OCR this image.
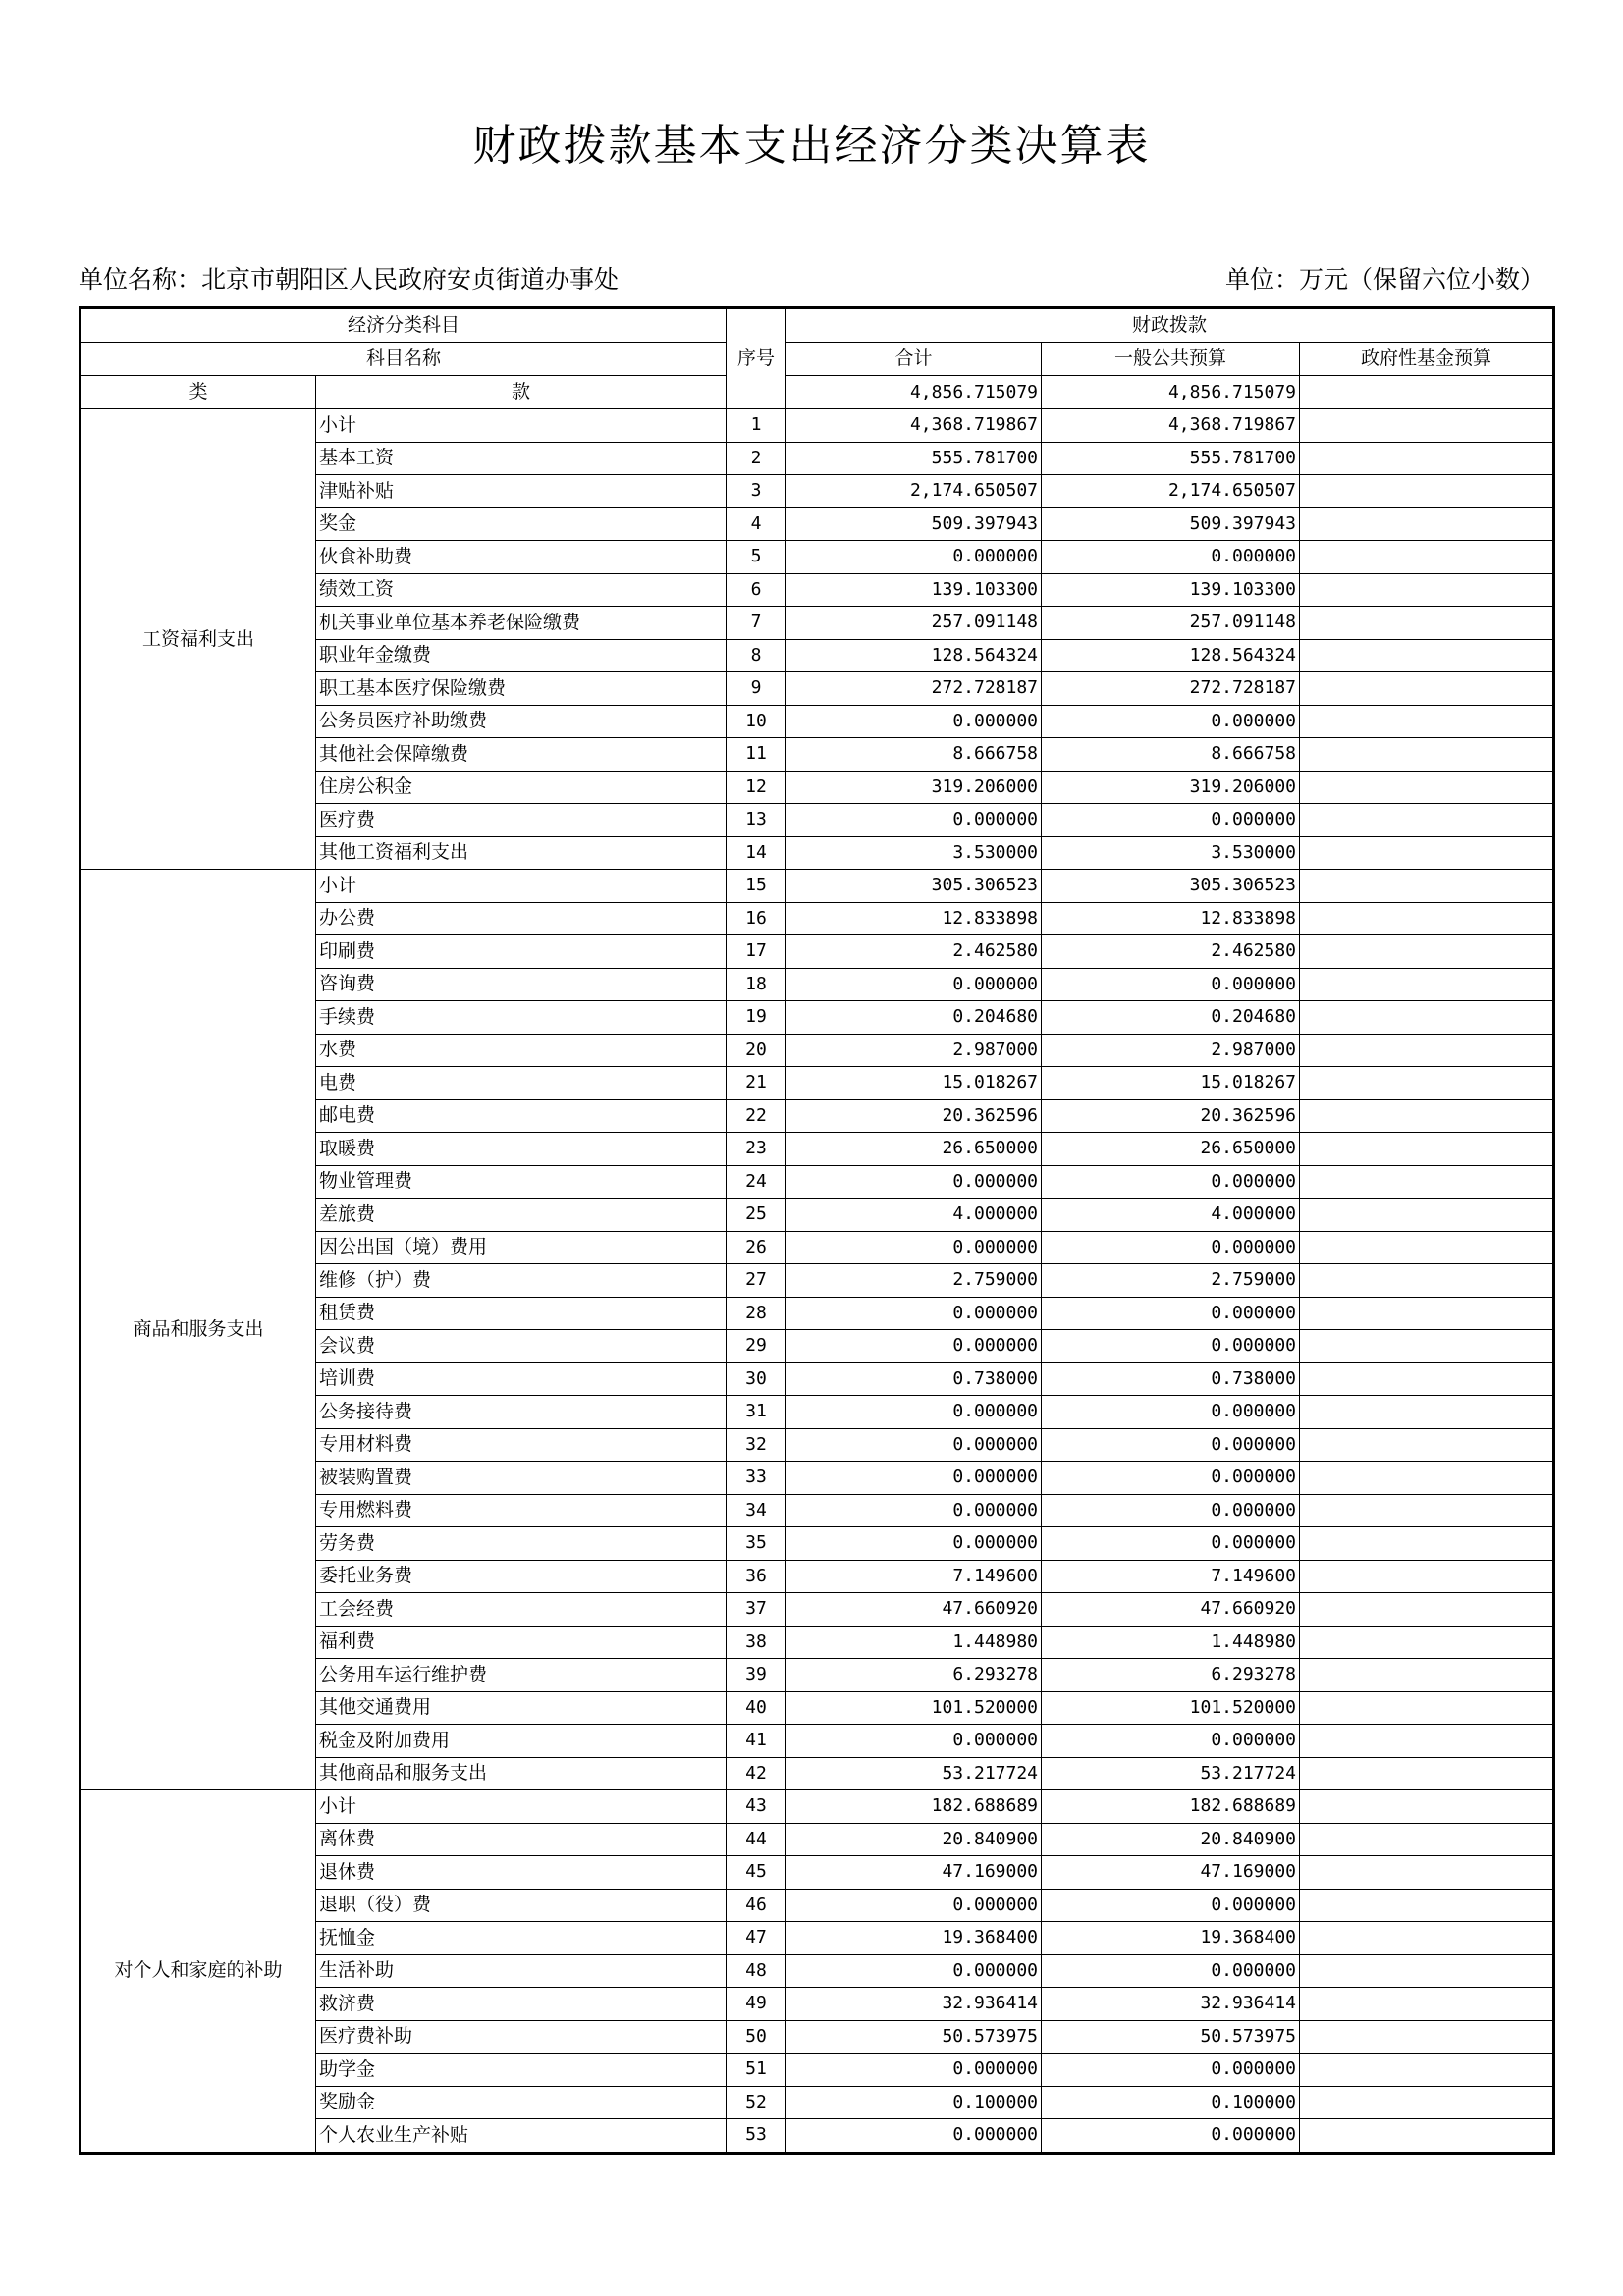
财政拨款基本支出经济分类决算表
单位名称：北京市朝阳区人民政府安贞街道办事处	单位：万元（保留六位小数）
经济分类科目		序号	财政拨款		
科目名称			合计	一般公共预算	政府性基金预算
类	款		4,856.715079	4,856.715079	
工资福利支出	小计	1	4,368.719867	4,368.719867	
	基本工资	2	555.781700	555.781700	
	津贴补贴	3	2,174.650507	2,174.650507	
	奖金	4	509.397943	509.397943	
	伙食补助费	5	0.000000	0.000000	
	绩效工资	6	139.103300	139.103300	
	机关事业单位基本养老保险缴费	7	257.091148	257.091148	
	职业年金缴费	8	128.564324	128.564324	
	职工基本医疗保险缴费	9	272.728187	272.728187	
	公务员医疗补助缴费	10	0.000000	0.000000	
	其他社会保障缴费	11	8.666758	8.666758	
	住房公积金	12	319.206000	319.206000	
	医疗费	13	0.000000	0.000000	
	其他工资福利支出	14	3.530000	3.530000	
商品和服务支出	小计	15	305.306523	305.306523	
	办公费	16	12.833898	12.833898	
	印刷费	17	2.462580	2.462580	
	咨询费	18	0.000000	0.000000	
	手续费	19	0.204680	0.204680	
	水费	20	2.987000	2.987000	
	电费	21	15.018267	15.018267	
	邮电费	22	20.362596	20.362596	
	取暖费	23	26.650000	26.650000	
	物业管理费	24	0.000000	0.000000	
	差旅费	25	4.000000	4.000000	
	因公出国（境）费用	26	0.000000	0.000000	
	维修（护）费	27	2.759000	2.759000	
	租赁费	28	0.000000	0.000000	
	会议费	29	0.000000	0.000000	
	培训费	30	0.738000	0.738000	
	公务接待费	31	0.000000	0.000000	
	专用材料费	32	0.000000	0.000000	
	被装购置费	33	0.000000	0.000000	
	专用燃料费	34	0.000000	0.000000	
	劳务费	35	0.000000	0.000000	
	委托业务费	36	7.149600	7.149600	
	工会经费	37	47.660920	47.660920	
	福利费	38	1.448980	1.448980	
	公务用车运行维护费	39	6.293278	6.293278	
	其他交通费用	40	101.520000	101.520000	
	税金及附加费用	41	0.000000	0.000000	
	其他商品和服务支出	42	53.217724	53.217724	
对个人和家庭的补助	小计	43	182.688689	182.688689	
	离休费	44	20.840900	20.840900	
	退休费	45	47.169000	47.169000	
	退职（役）费	46	0.000000	0.000000	
	抚恤金	47	19.368400	19.368400	
	生活补助	48	0.000000	0.000000	
	救济费	49	32.936414	32.936414	
	医疗费补助	50	50.573975	50.573975	
	助学金	51	0.000000	0.000000	
	奖励金	52	0.100000	0.100000	
	个人农业生产补贴	53	0.000000	0.000000	
